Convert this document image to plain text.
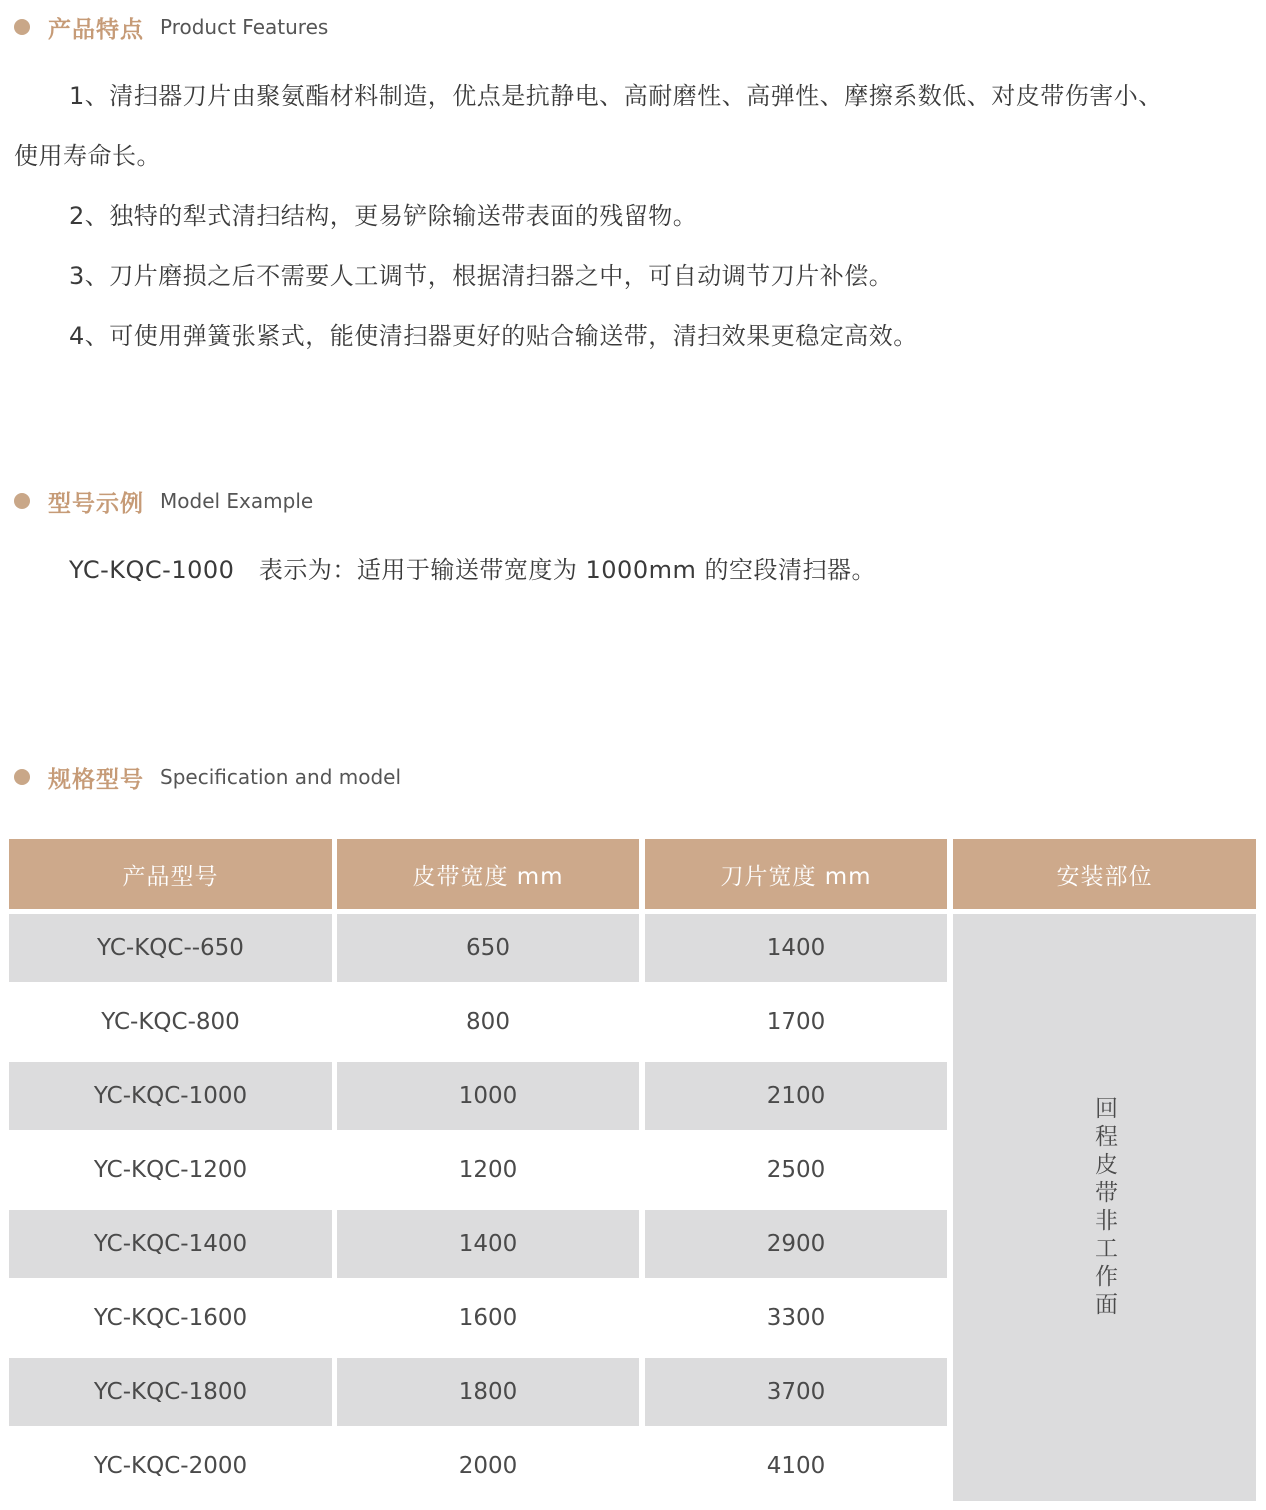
产品特点 Product Features
1、清扫器刀片由聚氨酯材料制造，优点是抗静电、高耐磨性、高弹性、摩擦系数低、对皮带伤害小、
使用寿命长。
2、独特的犁式清扫结构，更易铲除输送带表面的残留物。
3、刀片磨损之后不需要人工调节，根据清扫器之中，可自动调节刀片补偿。
4、可使用弹簧张紧式，能使清扫器更好的贴合输送带，清扫效果更稳定高效。
型号示例 Model Example
YC-KQC-1000　表示为：适用于输送带宽度为 1000mm 的空段清扫器。
规格型号 Specification and model
产品型号	皮带宽度 mm	刀片宽度 mm	安装部位
YC-KQC--650	650	1400
YC-KQC-800	800	1700
YC-KQC-1000	1000	2100
YC-KQC-1200	1200	2500
YC-KQC-1400	1400	2900
YC-KQC-1600	1600	3300
YC-KQC-1800	1800	3700
YC-KQC-2000	2000	4100
回程皮带非工作面
